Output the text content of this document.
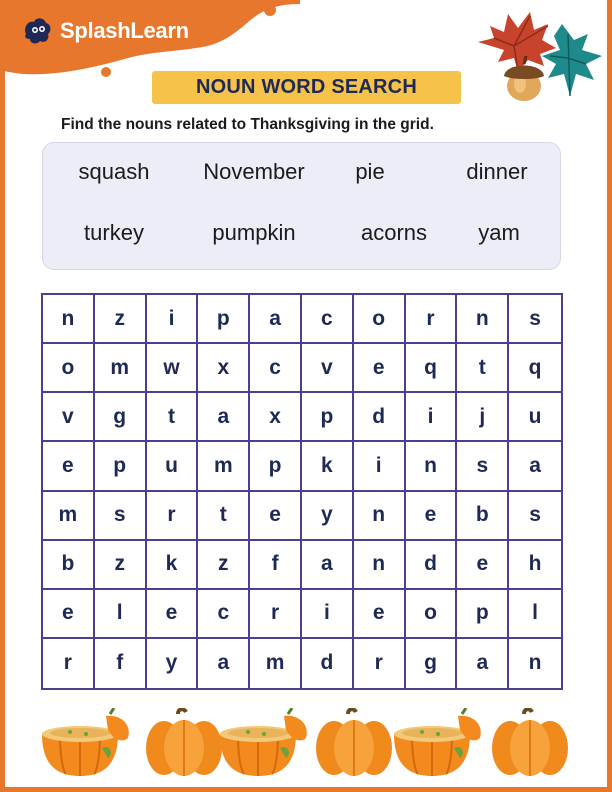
SplashLearn
NOUN WORD SEARCH
Find the nouns related to Thanksgiving in the grid.
squash November pie	dinner
turkey	pumpkin	acorns yam
n	z	i	p	a	c	o	r	n	s
o	m	w	x	c	v	e	q	t	q
v	g	t	a	x	p	d	i	j	u
e	p	u	m	p	k	i	n	s	a
m	s	r	t	e	y	n	e	b	s
b	z	k	z	f	a	n	d	e	h
e	l	e	c	r	i	e	o	p	l
r	f	y	a	m	d	r	g	a	n
